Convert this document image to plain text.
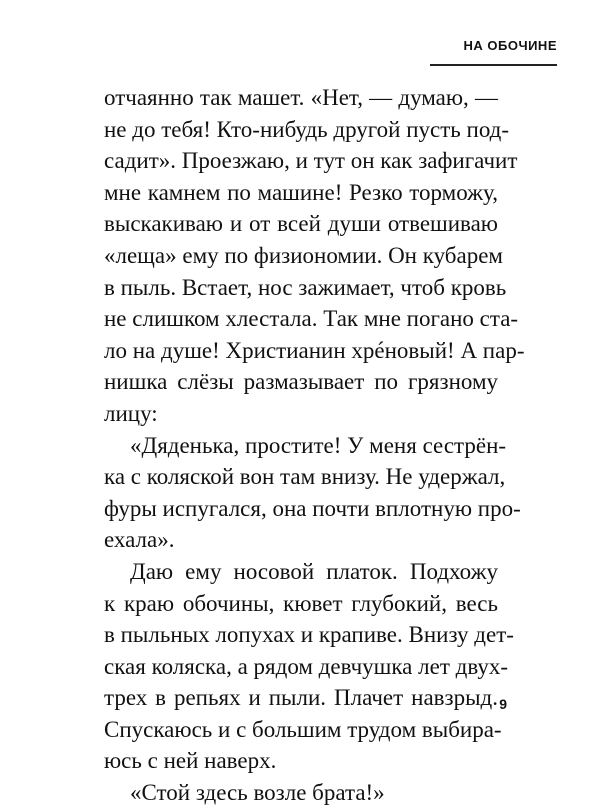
НА ОБОЧИНЕ
отчаянно так машет. «Нет, — думаю, —
не до тебя! Кто-нибудь другой пусть под-
садит». Проезжаю, и тут он как зафигачит
мне камнем по машине! Резко торможу,
выскакиваю и от всей души отвешиваю
«леща» ему по физиономии. Он кубарем
в пыль. Встает, нос зажимает, чтоб кровь
не слишком хлестала. Так мне погано ста-
ло на душе! Христианин хрéновый! А пар-
нишка слёзы размазывает по грязному
лицу:
«Дяденька, простите! У меня сестрён-
ка с коляской вон там внизу. Не удержал,
фуры испугался, она почти вплотную про-
ехала».
Даю ему носовой платок. Подхожу
к краю обочины, кювет глубокий, весь
в пыльных лопухах и крапиве. Внизу дет-
ская коляска, а рядом девчушка лет двух-
трех в репьях и пыли. Плачет навзрыд.
Спускаюсь и с большим трудом выбира-
юсь с ней наверх.
«Стой здесь возле брата!»
9
